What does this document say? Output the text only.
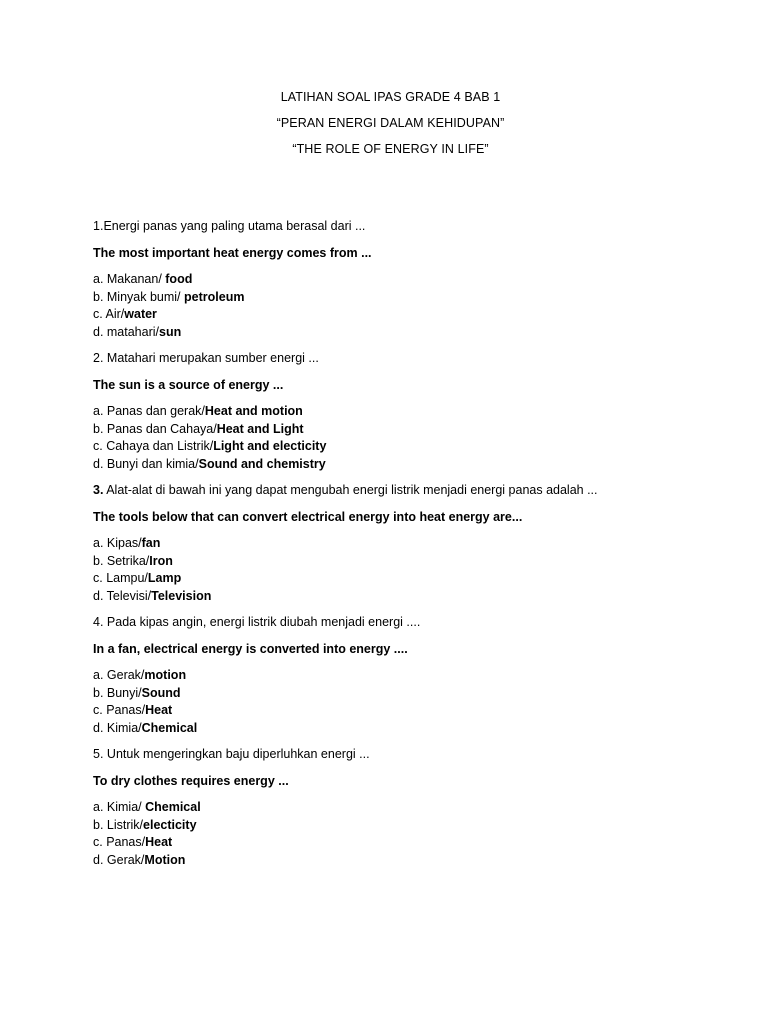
LATIHAN SOAL IPAS GRADE 4 BAB 1
“PERAN ENERGI DALAM KEHIDUPAN”
“THE ROLE OF ENERGY IN LIFE”
1.Energi panas yang paling utama berasal dari ...
The most important heat energy comes from ...
a. Makanan/ food
b. Minyak bumi/ petroleum
c. Air/water
d. matahari/sun
2. Matahari merupakan sumber energi ...
The sun is a source of energy ...
a. Panas dan gerak/Heat and motion
b. Panas dan Cahaya/Heat and Light
c. Cahaya dan Listrik/Light and electicity
d. Bunyi dan kimia/Sound and chemistry
3. Alat-alat di bawah ini yang dapat mengubah energi listrik menjadi energi panas adalah ...
The tools below that can convert electrical energy into heat energy are...
a. Kipas/fan
b. Setrika/Iron
c. Lampu/Lamp
d. Televisi/Television
4. Pada kipas angin, energi listrik diubah menjadi energi ....
In a fan, electrical energy is converted into energy ....
a. Gerak/motion
b. Bunyi/Sound
c. Panas/Heat
d. Kimia/Chemical
5. Untuk mengeringkan baju diperluhkan energi ...
To dry clothes requires energy ...
a. Kimia/ Chemical
b. Listrik/electicity
c. Panas/Heat
d. Gerak/Motion
